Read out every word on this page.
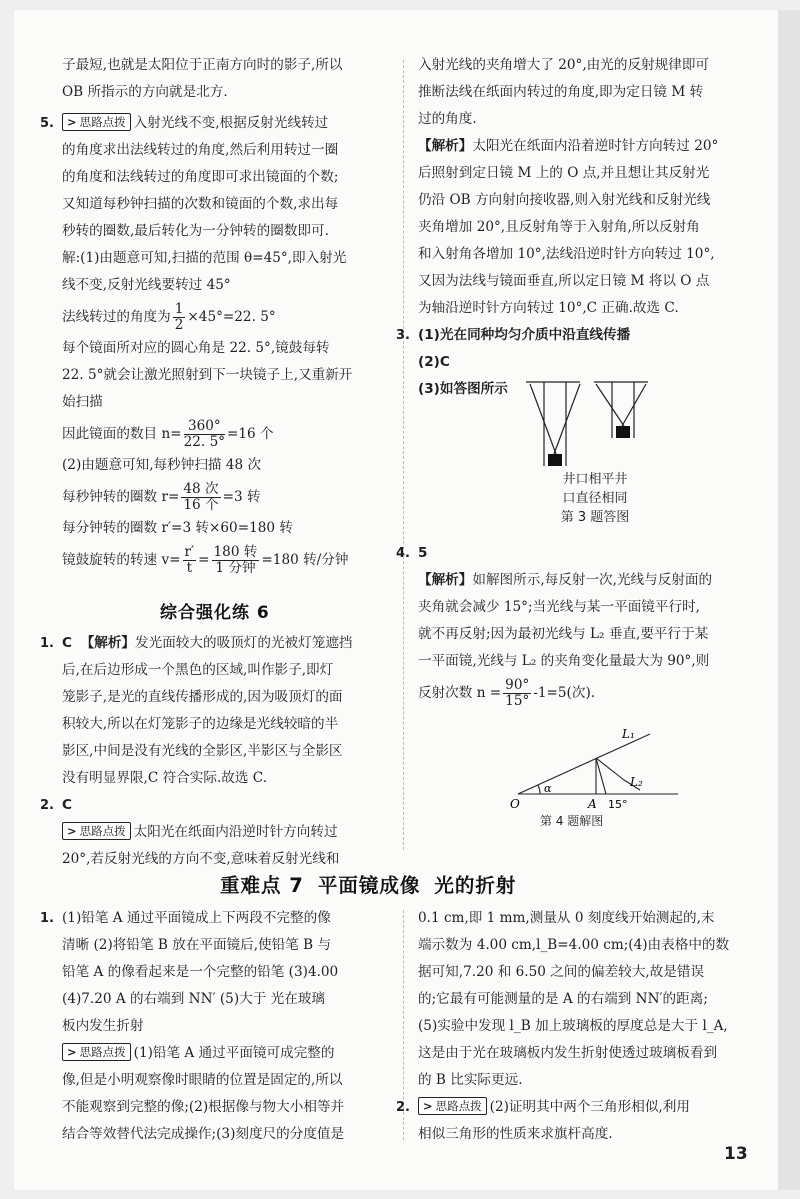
子最短,也就是太阳位于正南方向时的影子,所以

OB 所指示的方向就是北方.

5. > 思路点拨 入射光线不变,根据反射光线转过

的角度求出法线转过的角度,然后利用转过一圈

的角度和法线转过的角度即可求出镜面的个数;

又知道每秒钟扫描的次数和镜面的个数,求出每

秒转的圈数,最后转化为一分钟转的圈数即可.

解:(1)由题意可知,扫描的范围 θ=45°,即入射光

线不变,反射光线要转过 45°

法线转过的角度为 $\frac{1}{2} \times 45^\circ=22$. 5°

每个镜面所对应的圆心角是 22. 5°,镜鼓每转

22. 5°就会让激光照射到下一块镜子上,又重新开

始扫描

因此镜面的数目 $n= \frac{360^\circ}{22. 5^\circ} =16$ 个

(2)由题意可知,每秒钟扫描 48 次

每秒钟转的圈数 $r= \frac{\text{48 次}}{\text{16 个}} =3$ 转

每分钟转的圈数 r′=3 转×60=180 转

镜鼓旋转的转速 $v= \frac{r'}{t} = \frac{\text{180 转}}{\text{1 分钟}} =180$ 转/分钟
综合强化练 6

1. C 【解析】发光面较大的吸顶灯的光被灯笼遮挡

后,在后边形成一个黑色的区域,叫作影子,即灯

笼影子,是光的直线传播形成的,因为吸顶灯的面

积较大,所以在灯笼影子的边缘是光线较暗的半

影区,中间是没有光线的全影区,半影区与全影区

没有明显界限,C 符合实际.故选 C.

2. C

> 思路点拨 太阳光在纸面内沿逆时针方向转过

20°,若反射光线的方向不变,意味着反射光线和

入射光线的夹角增大了 20°,由光的反射规律即可

推断法线在纸面内转过的角度,即为定日镜 M 转

过的角度.

【解析】太阳光在纸面内沿着逆时针方向转过 20°

后照射到定日镜 M 上的 O 点,并且想让其反射光

仍沿 OB 方向射向接收器,则入射光线和反射光线

夹角增加 20°,且反射角等于入射角,所以反射角

和入射角各增加 10°,法线沿逆时针方向转过 10°,

又因为法线与镜面垂直,所以定日镜 M 将以 O 点

为轴沿逆时针方向转过 10°,C 正确.故选 C.

3. (1)光在同种均匀介质中沿直线传播

(2)C

(3)如答图所示

井口相平井
口直径相同
第 3 题答图

4. 5

【解析】如解图所示,每反射一次,光线与反射面的

夹角就会减少 15°;当光线与某一平面镜平行时,

就不再反射;因为最初光线与 L₂ 垂直,要平行于某

一平面镜,光线与 L₂ 的夹角变化量最大为 90°,则

反射次数 $n = \frac{90^\circ}{15^\circ} -1=5$(次).
L₁
L₂
O	A
α
15°
第 4 题解图
重难点 7 平面镜成像 光的折射

1. (1)铅笔 A 通过平面镜成上下两段不完整的像

清晰 (2)将铅笔 B 放在平面镜后,使铅笔 B 与

铅笔 A 的像看起来是一个完整的铅笔 (3)4.00

(4)7.20 A 的右端到 NN′ (5)大于 光在玻璃

板内发生折射

> 思路点拨 (1)铅笔 A 通过平面镜可成完整的

像,但是小明观察像时眼睛的位置是固定的,所以

不能观察到完整的像;(2)根据像与物大小相等并

结合等效替代法完成操作;(3)刻度尺的分度值是

0.1 cm,即 1 mm,测量从 0 刻度线开始测起的,末

端示数为 4.00 cm,l_B=4.00 cm;(4)由表格中的数

据可知,7.20 和 6.50 之间的偏差较大,故是错误

的;它最有可能测量的是 A 的右端到 NN′的距离;

(5)实验中发现 l_B 加上玻璃板的厚度总是大于 l_A,

这是由于光在玻璃板内发生折射使透过玻璃板看到

的 B 比实际更远.

2. > 思路点拨 (2)证明其中两个三角形相似,利用

相似三角形的性质来求旗杆高度.

13
